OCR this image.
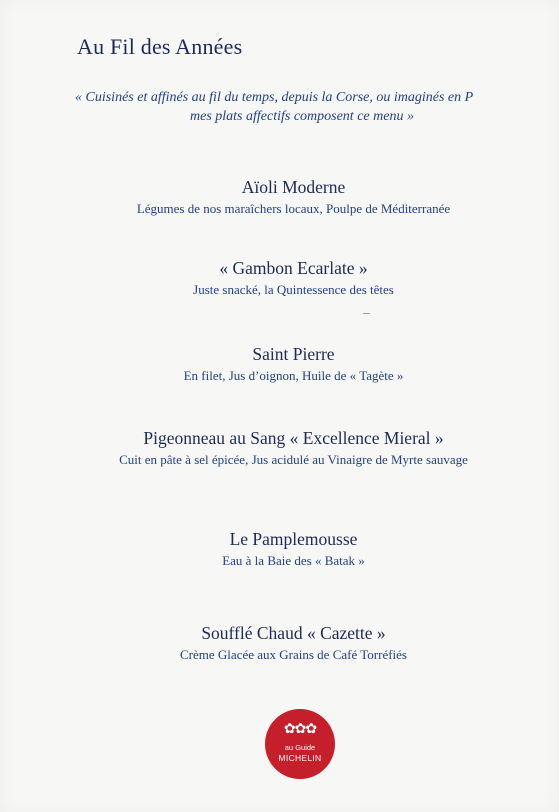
Au Fil des Années
« Cuisinés et affinés au fil du temps, depuis la Corse, ou imaginés en P
mes plats affectifs composent ce menu »
Aïoli Moderne
Légumes de nos maraîchers locaux, Poulpe de Méditerranée
« Gambon Ecarlate »
Juste snacké, la Quintessence des têtes
Saint Pierre
En filet, Jus d’oignon, Huile de « Tagète »
Pigeonneau au Sang « Excellence Mieral »
Cuit en pâte à sel épicée, Jus acidulé au Vinaigre de Myrte sauvage
Le Pamplemousse
Eau à la Baie des « Batak »
Soufflé Chaud « Cazette »
Crème Glacée aux Grains de Café Torréfiés
✿✿✿
au Guide
MICHELIN
